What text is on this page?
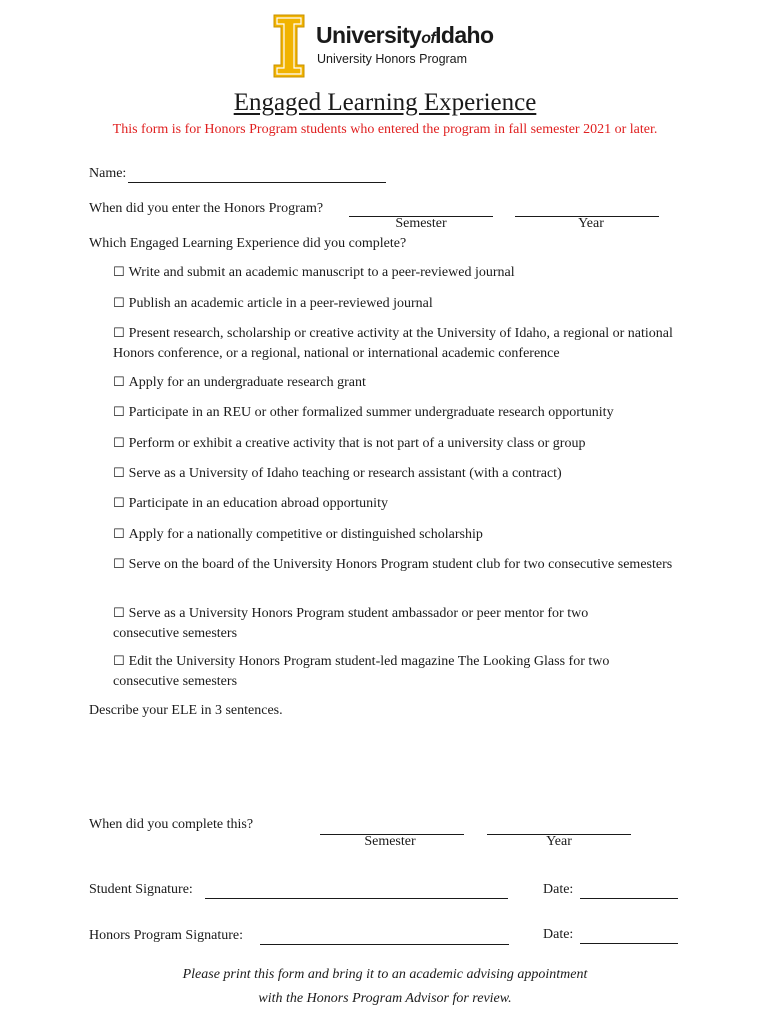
UniversityofIdaho
University Honors Program
Engaged Learning Experience
This form is for Honors Program students who entered the program in fall semester 2021 or later.
Name:
When did you enter the Honors Program?
Semester	Year
Which Engaged Learning Experience did you complete?
☐ Write and submit an academic manuscript to a peer-reviewed journal
☐ Publish an academic article in a peer-reviewed journal
☐ Present research, scholarship or creative activity at the University of Idaho, a regional or national Honors conference, or a regional, national or international academic conference
☐ Apply for an undergraduate research grant
☐ Participate in an REU or other formalized summer undergraduate research opportunity
☐ Perform or exhibit a creative activity that is not part of a university class or group
☐ Serve as a University of Idaho teaching or research assistant (with a contract)
☐ Participate in an education abroad opportunity
☐ Apply for a nationally competitive or distinguished scholarship
☐ Serve on the board of the University Honors Program student club for two consecutive semesters
☐ Serve as a University Honors Program student ambassador or peer mentor for two consecutive semesters
☐ Edit the University Honors Program student-led magazine The Looking Glass for two consecutive semesters
Describe your ELE in 3 sentences.
When did you complete this?
Semester	Year
Student Signature:	Date:
Honors Program Signature:	Date:
Please print this form and bring it to an academic advising appointment
with the Honors Program Advisor for review.
